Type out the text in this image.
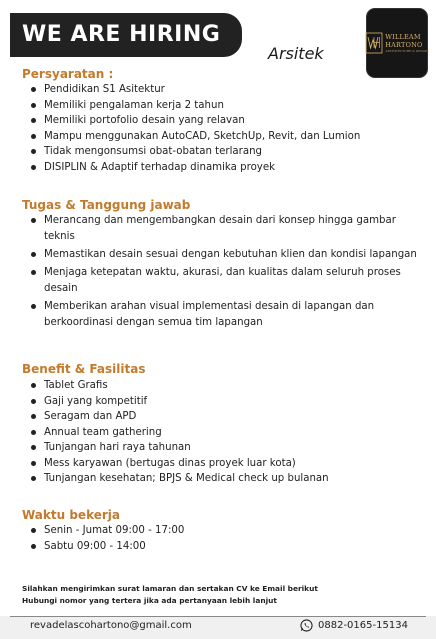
WE ARE HIRING	WILLEAM
HARTONO
ARCHITECTURE & DESIGN
Arsitek
Persyaratan :
Pendidikan S1 Asitektur
Memiliki pengalaman kerja 2 tahun
Memiliki portofolio desain yang relavan
Mampu menggunakan AutoCAD, SketchUp, Revit, dan Lumion
Tidak mengonsumsi obat-obatan terlarang
DISIPLIN & Adaptif terhadap dinamika proyek
Tugas & Tanggung jawab
Merancang dan mengembangkan desain dari konsep hingga gambar teknis
Memastikan desain sesuai dengan kebutuhan klien dan kondisi lapangan
Menjaga ketepatan waktu, akurasi, dan kualitas dalam seluruh proses desain
Memberikan arahan visual implementasi desain di lapangan dan berkoordinasi dengan semua tim lapangan
Benefit & Fasilitas
Tablet Grafis
Gaji yang kompetitif
Seragam dan APD
Annual team gathering
Tunjangan hari raya tahunan
Mess karyawan (bertugas dinas proyek luar kota)
Tunjangan kesehatan; BPJS & Medical check up bulanan
Waktu bekerja
Senin - Jumat 09:00 - 17:00
Sabtu 09:00 - 14:00
Silahkan mengirimkan surat lamaran dan sertakan CV ke Email berikut
Hubungi nomor yang tertera jika ada pertanyaan lebih lanjut
revadelascohartono@gmail.com	0882-0165-15134
